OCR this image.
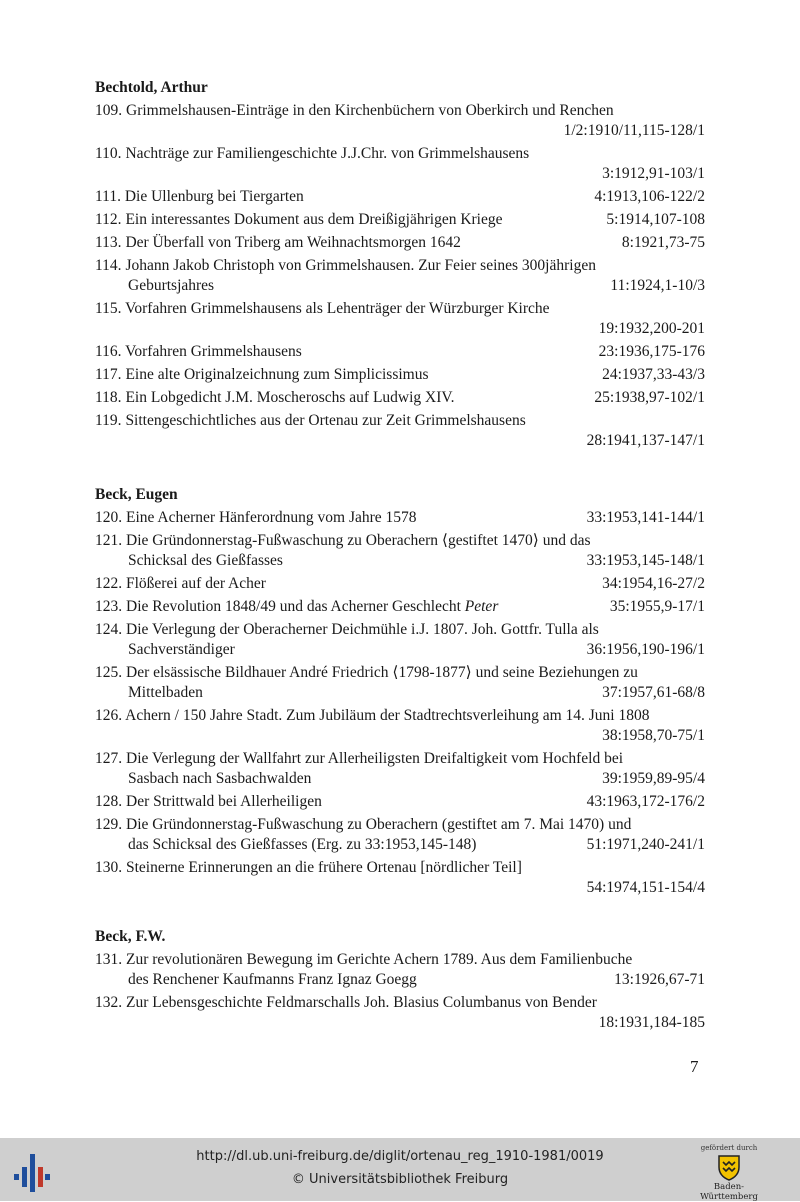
Bechtold, Arthur
109. Grimmelshausen-Einträge in den Kirchenbüchern von Oberkirch und Renchen
1/2:1910/11,115-128/1
110. Nachträge zur Familiengeschichte J.J.Chr. von Grimmelshausens
3:1912,91-103/1
111. Die Ullenburg bei Tiergarten	4:1913,106-122/2
112. Ein interessantes Dokument aus dem Dreißigjährigen Kriege	5:1914,107-108
113. Der Überfall von Triberg am Weihnachtsmorgen 1642	8:1921,73-75
114. Johann Jakob Christoph von Grimmelshausen. Zur Feier seines 300jährigen
Geburtsjahres	11:1924,1-10/3
115. Vorfahren Grimmelshausens als Lehenträger der Würzburger Kirche
19:1932,200-201
116. Vorfahren Grimmelshausens	23:1936,175-176
117. Eine alte Originalzeichnung zum Simplicissimus	24:1937,33-43/3
118. Ein Lobgedicht J.M. Moscheroschs auf Ludwig XIV.	25:1938,97-102/1
119. Sittengeschichtliches aus der Ortenau zur Zeit Grimmelshausens
28:1941,137-147/1
Beck, Eugen
120. Eine Acherner Hänferordnung vom Jahre 1578	33:1953,141-144/1
121. Die Gründonnerstag-Fußwaschung zu Oberachern ⟨gestiftet 1470⟩ und das
Schicksal des Gießfasses	33:1953,145-148/1
122. Flößerei auf der Acher	34:1954,16-27/2
123. Die Revolution 1848/49 und das Acherner Geschlecht Peter	35:1955,9-17/1
124. Die Verlegung der Oberacherner Deichmühle i.J. 1807. Joh. Gottfr. Tulla als
Sachverständiger	36:1956,190-196/1
125. Der elsässische Bildhauer André Friedrich ⟨1798-1877⟩ und seine Beziehungen zu
Mittelbaden	37:1957,61-68/8
126. Achern / 150 Jahre Stadt. Zum Jubiläum der Stadtrechtsverleihung am 14. Juni 1808
38:1958,70-75/1
127. Die Verlegung der Wallfahrt zur Allerheiligsten Dreifaltigkeit vom Hochfeld bei
Sasbach nach Sasbachwalden	39:1959,89-95/4
128. Der Strittwald bei Allerheiligen	43:1963,172-176/2
129. Die Gründonnerstag-Fußwaschung zu Oberachern (gestiftet am 7. Mai 1470) und
das Schicksal des Gießfasses (Erg. zu 33:1953,145-148)	51:1971,240-241/1
130. Steinerne Erinnerungen an die frühere Ortenau [nördlicher Teil]
54:1974,151-154/4
Beck, F.W.
131. Zur revolutionären Bewegung im Gerichte Achern 1789. Aus dem Familienbuche
des Renchener Kaufmanns Franz Ignaz Goegg	13:1926,67-71
132. Zur Lebensgeschichte Feldmarschalls Joh. Blasius Columbanus von Bender
18:1931,184-185
7
http://dl.ub.uni-freiburg.de/diglit/ortenau_reg_1910-1981/0019
© Universitätsbibliothek Freiburg
gefördert durch
Baden-Württemberg
